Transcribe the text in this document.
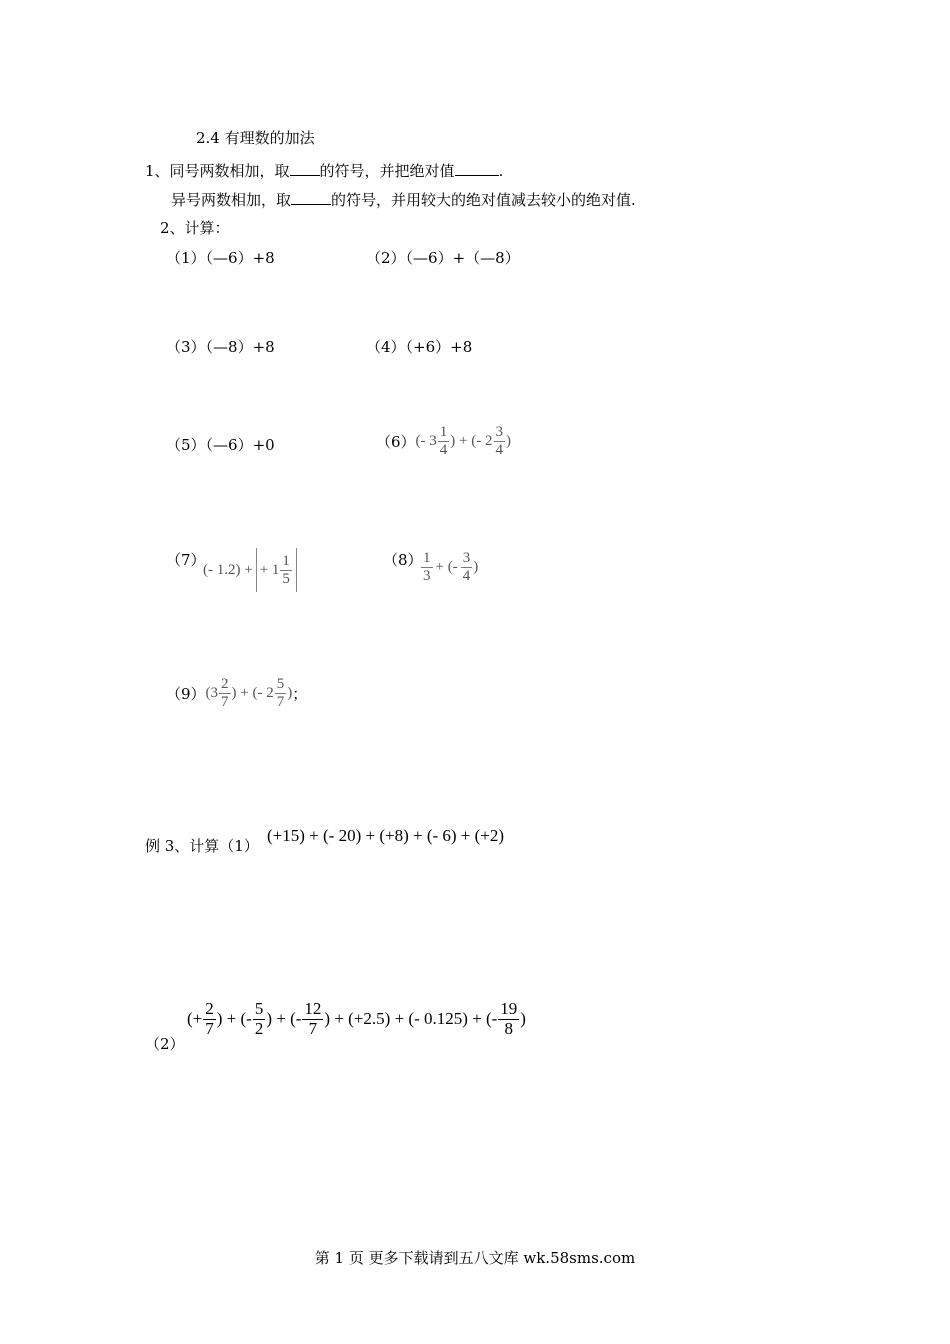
2.4 有理数的加法
1、同号两数相加，取 的符号，并把绝对值	.
异号两数相加，取	的符号，并用较大的绝对值减去较小的绝对值.
2、计算：
（1）（—6）+8	（2）（—6）+（—8）
（3）（—8）+8	（4）（+6）+8
（5）（—6）+0	（6） (- $3 \frac{1}{4}$ ) + (- $2 \frac{3}{4}$ )
（7）
(- 1.2) + + $1 \frac{1}{5}$	（8）
$\frac{1}{3}$ + (- $\frac{3}{4}$ )
（9） ($3 \frac{2}{7}$ ) + (- $2 \frac{5}{7}$ ) ；
例 3、计算（1）
(+15) + (- 20) + (+8) + (- 6) + (+2)
（2）
(+ $\frac{2}{7}$ ) + (- $\frac{5}{2}$ ) + (- $\frac{12}{7}$ ) + (+2.5) + (- 0.125) + (- $\frac{19}{8}$ )
第 1 页 更多下载请到五八文库 wk.58sms.com
